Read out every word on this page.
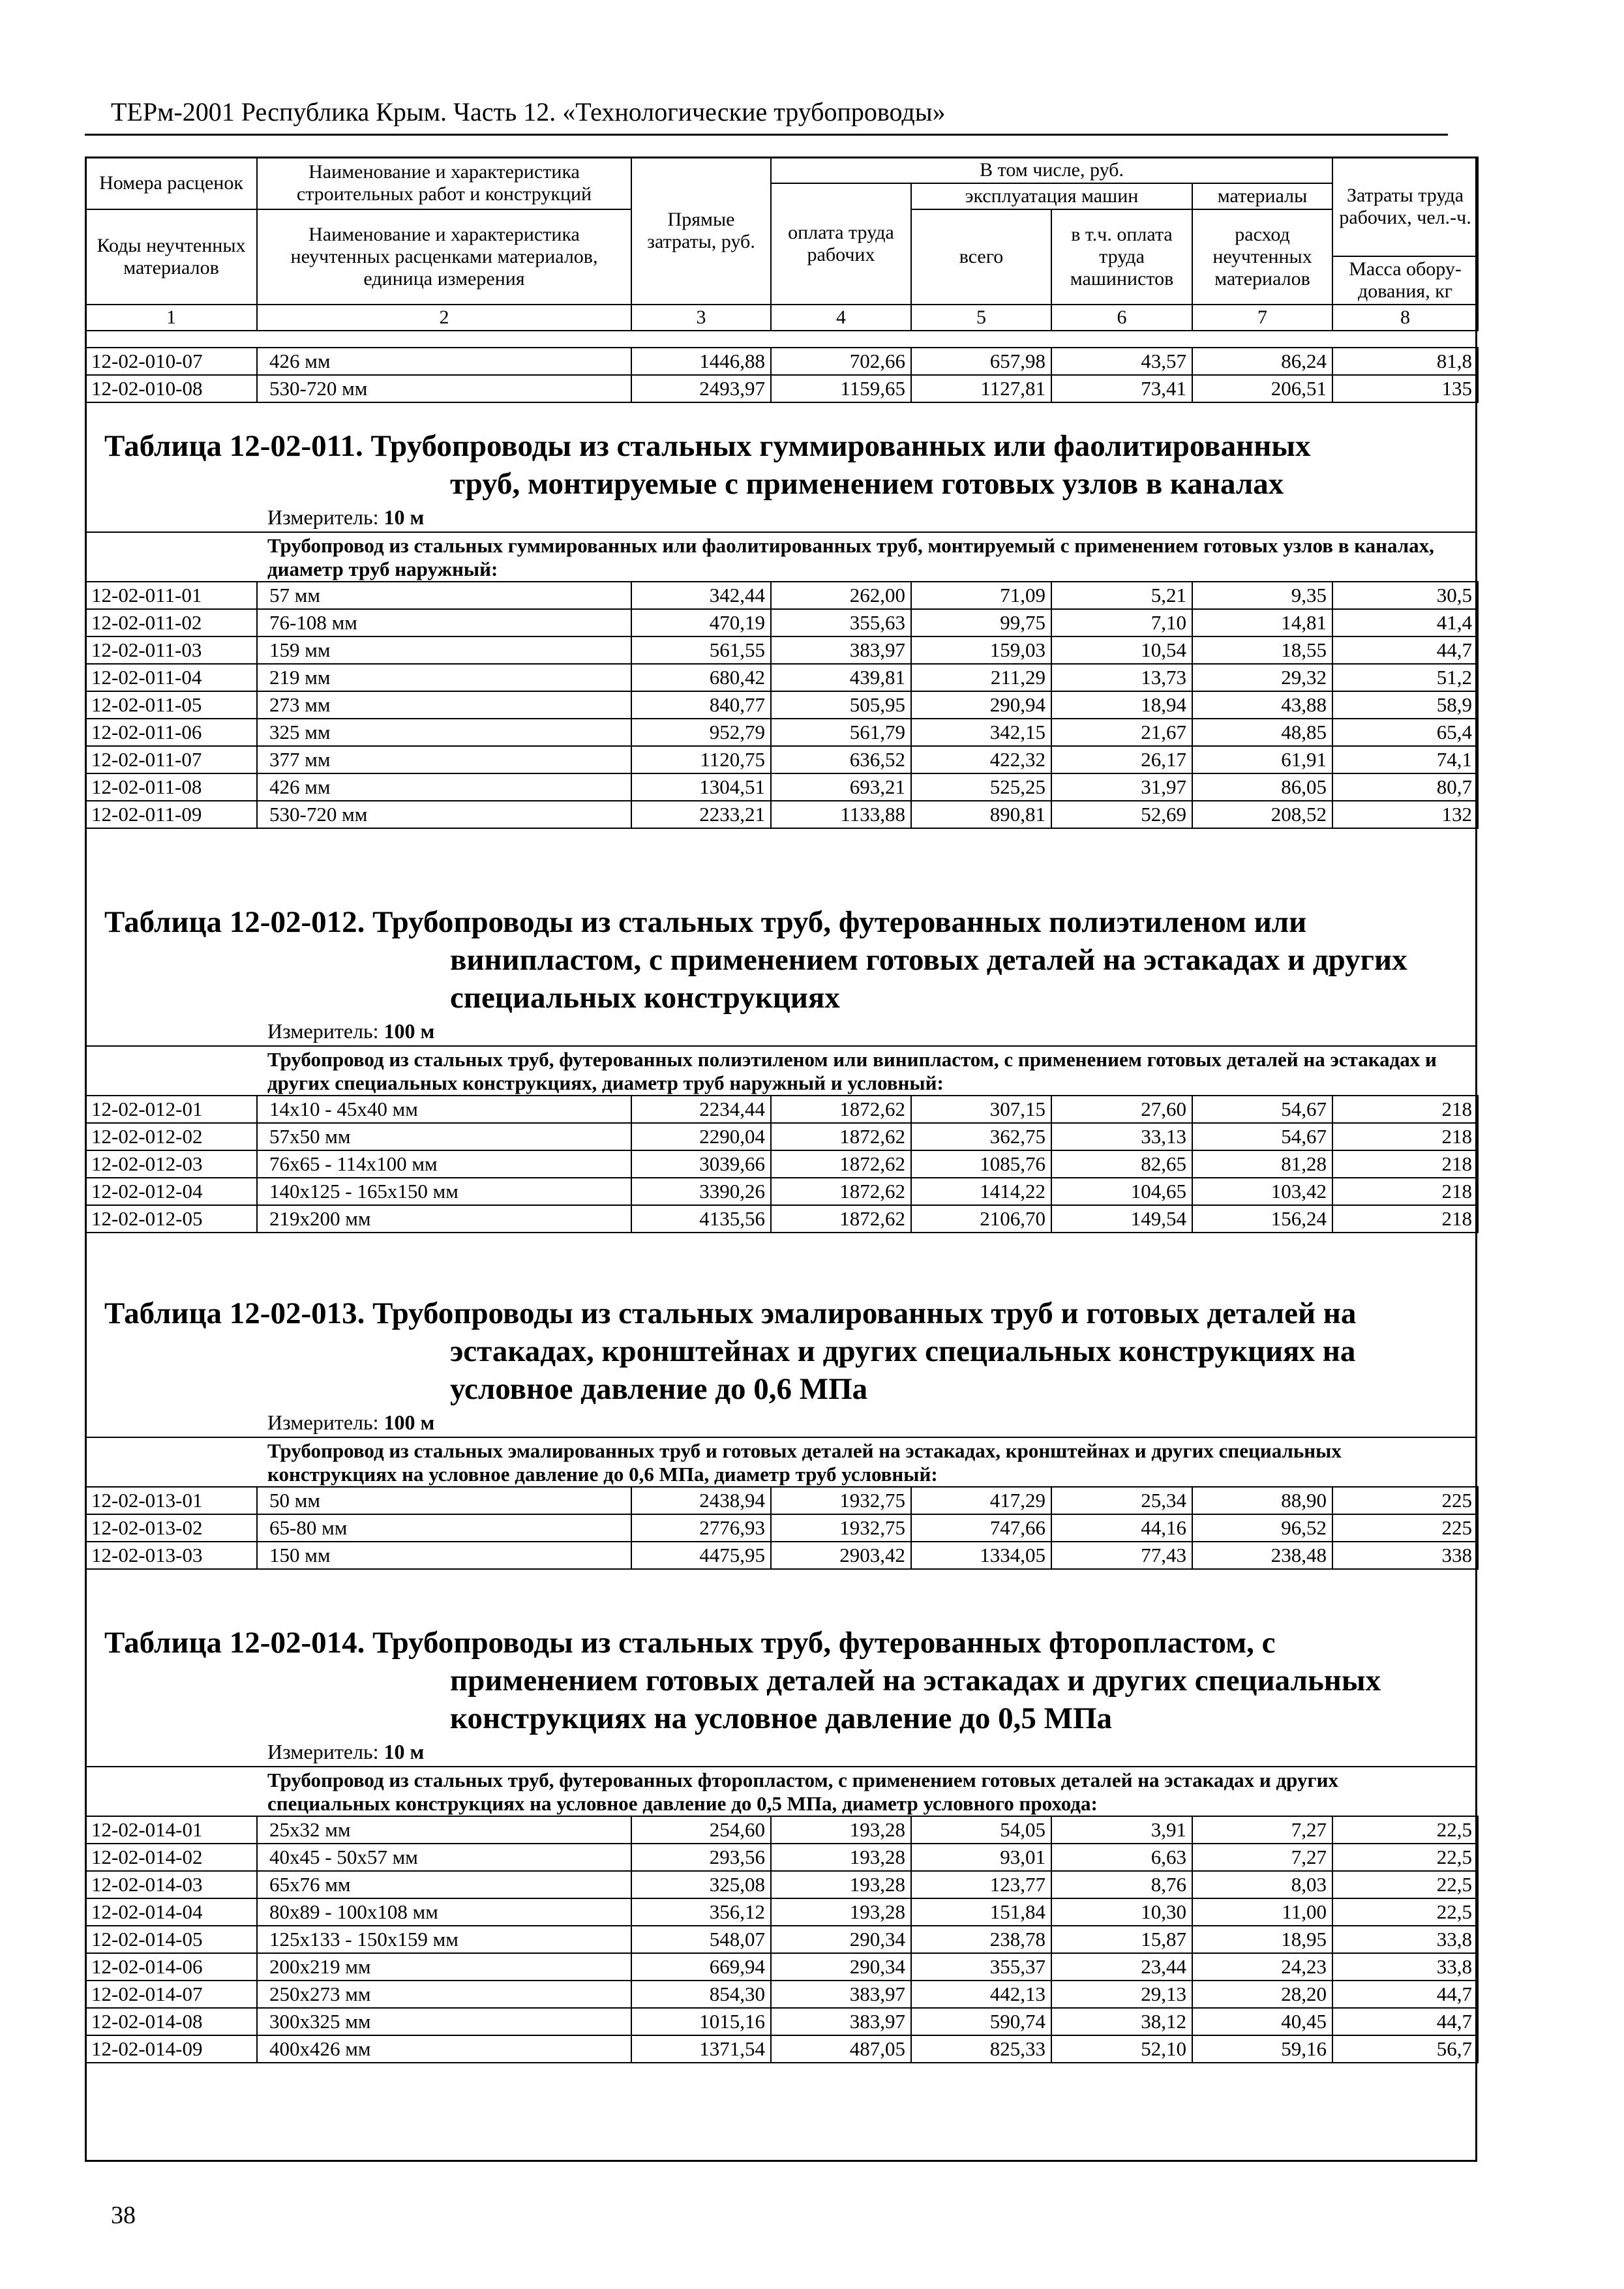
ТЕРм-2001 Республика Крым. Часть 12. «Технологические трубопроводы»
Номера расценок	Наименование и характеристика строительных работ и конструкций	Прямые затраты, руб.	В том числе, руб.				Затраты труда рабочих, чел.-ч.
			оплата труда рабочих	эксплуатация машин		материалы	
Коды неучтенных материалов	Наименование и характеристика неучтенных расценками материалов, единица измерения			всего	в т.ч. оплата труда машинистов	расход неучтенных материалов	
							Масса обору-дования, кг
1	2	3	4	5	6	7	8
12-02-010-07	426 мм	1446,88	702,66	657,98	43,57	86,24	81,8
12-02-010-08	530-720 мм	2493,97	1159,65	1127,81	73,41	206,51	135
Таблица 12-02-011. Трубопроводы из стальных гуммированных или фаолитированных
труб, монтируемые с применением готовых узлов в каналах
Измеритель: 10 м
Трубопровод из стальных гуммированных или фаолитированных труб, монтируемый с применением готовых узлов в каналах, диаметр труб наружный:
12-02-011-01	57 мм	342,44	262,00	71,09	5,21	9,35	30,5
12-02-011-02	76-108 мм	470,19	355,63	99,75	7,10	14,81	41,4
12-02-011-03	159 мм	561,55	383,97	159,03	10,54	18,55	44,7
12-02-011-04	219 мм	680,42	439,81	211,29	13,73	29,32	51,2
12-02-011-05	273 мм	840,77	505,95	290,94	18,94	43,88	58,9
12-02-011-06	325 мм	952,79	561,79	342,15	21,67	48,85	65,4
12-02-011-07	377 мм	1120,75	636,52	422,32	26,17	61,91	74,1
12-02-011-08	426 мм	1304,51	693,21	525,25	31,97	86,05	80,7
12-02-011-09	530-720 мм	2233,21	1133,88	890,81	52,69	208,52	132
Таблица 12-02-012. Трубопроводы из стальных труб, футерованных полиэтиленом или
винипластом, с применением готовых деталей на эстакадах и других
специальных конструкциях
Измеритель: 100 м
Трубопровод из стальных труб, футерованных полиэтиленом или винипластом, с применением готовых деталей на эстакадах и других специальных конструкциях, диаметр труб наружный и условный:
12-02-012-01	14х10 - 45х40 мм	2234,44	1872,62	307,15	27,60	54,67	218
12-02-012-02	57х50 мм	2290,04	1872,62	362,75	33,13	54,67	218
12-02-012-03	76х65 - 114х100 мм	3039,66	1872,62	1085,76	82,65	81,28	218
12-02-012-04	140х125 - 165х150 мм	3390,26	1872,62	1414,22	104,65	103,42	218
12-02-012-05	219х200 мм	4135,56	1872,62	2106,70	149,54	156,24	218
Таблица 12-02-013. Трубопроводы из стальных эмалированных труб и готовых деталей на
эстакадах, кронштейнах и других специальных конструкциях на
условное давление до 0,6 МПа
Измеритель: 100 м
Трубопровод из стальных эмалированных труб и готовых деталей на эстакадах, кронштейнах и других специальных конструкциях на условное давление до 0,6 МПа, диаметр труб условный:
12-02-013-01	50 мм	2438,94	1932,75	417,29	25,34	88,90	225
12-02-013-02	65-80 мм	2776,93	1932,75	747,66	44,16	96,52	225
12-02-013-03	150 мм	4475,95	2903,42	1334,05	77,43	238,48	338
Таблица 12-02-014. Трубопроводы из стальных труб, футерованных фторопластом, с
применением готовых деталей на эстакадах и других специальных
конструкциях на условное давление до 0,5 МПа
Измеритель: 10 м
Трубопровод из стальных труб, футерованных фторопластом, с применением готовых деталей на эстакадах и других специальных конструкциях на условное давление до 0,5 МПа, диаметр условного прохода:
12-02-014-01	25х32 мм	254,60	193,28	54,05	3,91	7,27	22,5
12-02-014-02	40х45 - 50х57 мм	293,56	193,28	93,01	6,63	7,27	22,5
12-02-014-03	65х76 мм	325,08	193,28	123,77	8,76	8,03	22,5
12-02-014-04	80х89 - 100х108 мм	356,12	193,28	151,84	10,30	11,00	22,5
12-02-014-05	125х133 - 150х159 мм	548,07	290,34	238,78	15,87	18,95	33,8
12-02-014-06	200х219 мм	669,94	290,34	355,37	23,44	24,23	33,8
12-02-014-07	250х273 мм	854,30	383,97	442,13	29,13	28,20	44,7
12-02-014-08	300х325 мм	1015,16	383,97	590,74	38,12	40,45	44,7
12-02-014-09	400х426 мм	1371,54	487,05	825,33	52,10	59,16	56,7
38
